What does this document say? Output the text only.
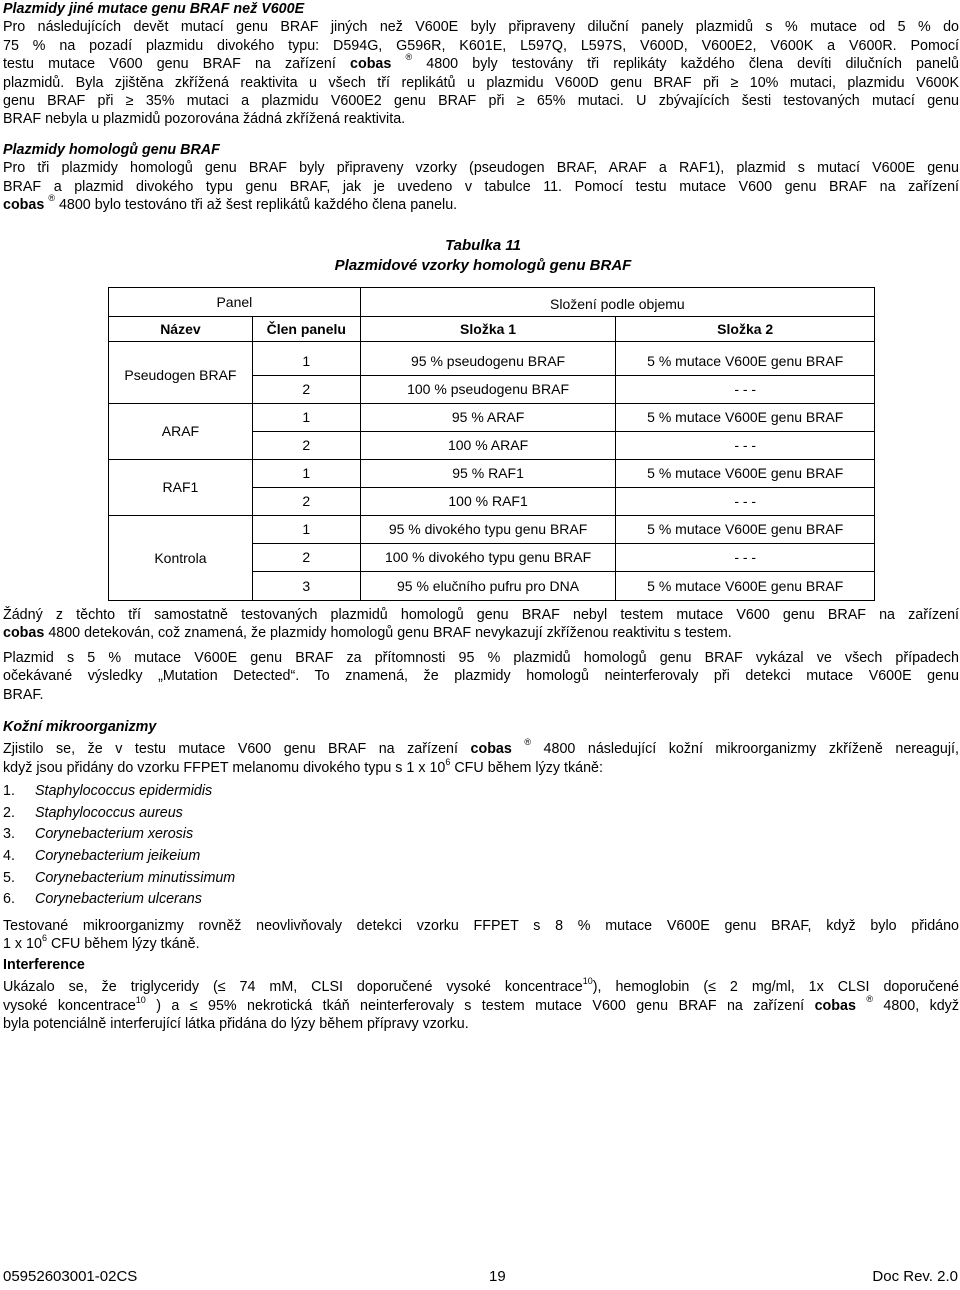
Plazmidy jiné mutace genu BRAF než V600E

Pro následujících devět mutací genu BRAF jiných než V600E byly připraveny diluční panely plazmidů s % mutace od 5 % do

75 % na pozadí plazmidu divokého typu: D594G, G596R, K601E, L597Q, L597S, V600D, V600E2, V600K a V600R. Pomocí

testu mutace V600 genu BRAF na zařízení cobas ® 4800 byly testovány tři replikáty každého člena devíti dilučních panelů

plazmidů. Byla zjištěna zkřížená reaktivita u všech tří replikátů u plazmidu V600D genu BRAF při ≥ 10% mutaci, plazmidu V600K

genu BRAF při ≥ 35% mutaci a plazmidu V600E2 genu BRAF při ≥ 65% mutaci. U zbývajících šesti testovaných mutací genu

BRAF nebyla u plazmidů pozorována žádná zkřížená reaktivita.

Plazmidy homologů genu BRAF

Pro tři plazmidy homologů genu BRAF byly připraveny vzorky (pseudogen BRAF, ARAF a RAF1), plazmid s mutací V600E genu

BRAF a plazmid divokého typu genu BRAF, jak je uvedeno v tabulce 11. Pomocí testu mutace V600 genu BRAF na zařízení

cobas ® 4800 bylo testováno tři až šest replikátů každého člena panelu.

Tabulka 11
Plazmidové vzorky homologů genu BRAF
Panel		Složení podle objemu	
Název	Člen panelu	Složka 1	Složka 2

Pseudogen BRAF	1	95 % pseudogenu BRAF	5 % mutace V600E genu BRAF
	2	100 % pseudogenu BRAF	- - -
ARAF	1	95 % ARAF	5 % mutace V600E genu BRAF
	2	100 % ARAF	- - -
RAF1	1	95 % RAF1	5 % mutace V600E genu BRAF
	2	100 % RAF1	- - -
Kontrola	1	95 % divokého typu genu BRAF	5 % mutace V600E genu BRAF
	2	100 % divokého typu genu BRAF	- - -
	3	95 % elučního pufru pro DNA	5 % mutace V600E genu BRAF

Žádný z těchto tří samostatně testovaných plazmidů homologů genu BRAF nebyl testem mutace V600 genu BRAF na zařízení

cobas 4800 detekován, což znamená, že plazmidy homologů genu BRAF nevykazují zkříženou reaktivitu s testem.

Plazmid s 5 % mutace V600E genu BRAF za přítomnosti 95 % plazmidů homologů genu BRAF vykázal ve všech případech

očekávané výsledky „Mutation Detected“. To znamená, že plazmidy homologů neinterferovaly při detekci mutace V600E genu

BRAF.

Kožní mikroorganizmy

Zjistilo se, že v testu mutace V600 genu BRAF na zařízení cobas ® 4800 následující kožní mikroorganizmy zkříženě nereagují,

když jsou přidány do vzorku FFPET melanomu divokého typu s 1 x $10^6$ CFU během lýzy tkáně:

1. Staphylococcus epidermidis

2. Staphylococcus aureus

3. Corynebacterium xerosis

4. Corynebacterium jeikeium

5. Corynebacterium minutissimum

6. Corynebacterium ulcerans

Testované mikroorganizmy rovněž neovlivňovaly detekci vzorku FFPET s 8 % mutace V600E genu BRAF, když bylo přidáno

1 x $10^6$ CFU během lýzy tkáně.

Interference

Ukázalo se, že triglyceridy (≤ 74 mM, CLSI doporučené vysoké koncentrace$^{10}$), hemoglobin (≤ 2 mg/ml, 1x CLSI doporučené

vysoké koncentrace$^{10}$ ) a ≤ 95% nekrotická tkáň neinterferovaly s testem mutace V600 genu BRAF na zařízení cobas ® 4800, když

byla potenciálně interferující látka přidána do lýzy během přípravy vzorku.

05952603001-02CS	19	Doc Rev. 2.0
